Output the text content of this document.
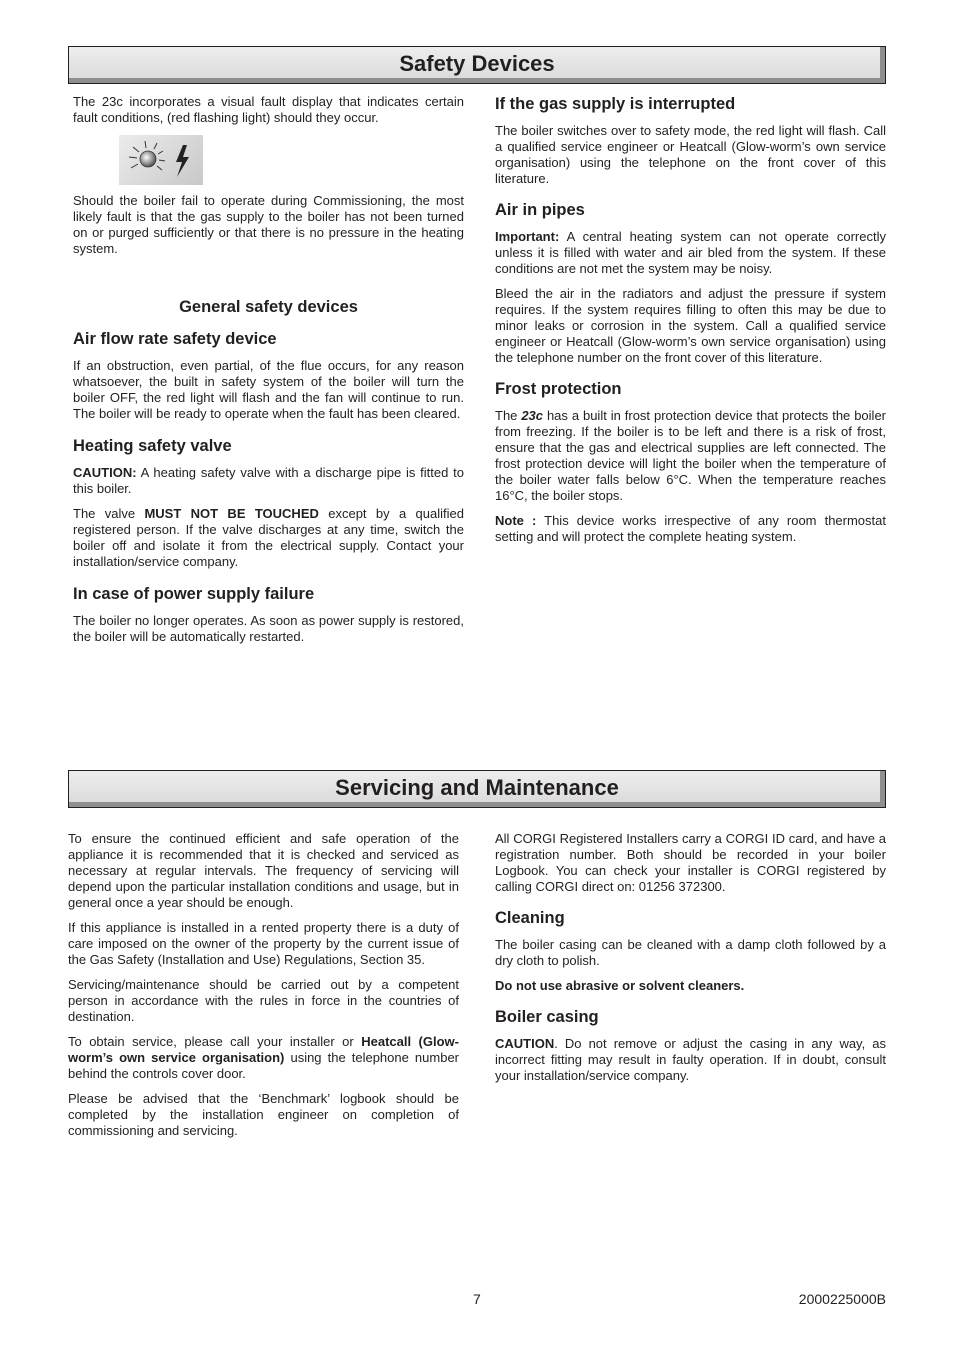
Safety Devices

The 23c incorporates a visual fault display that indicates certain fault conditions, (red flashing light) should they occur.

Should the boiler fail to operate during Commissioning, the most likely fault is that the gas supply to the boiler has not been turned on or purged sufficiently or that there is no pressure in the heating system.

General safety devices
Air flow rate safety device

If an obstruction, even partial, of the flue occurs, for any reason whatsoever, the built in safety system of the boiler will turn the boiler OFF, the red light will flash and the fan will continue to run. The boiler will be ready to operate when the fault has been cleared.

Heating safety valve

CAUTION: A heating safety valve with a discharge pipe is fitted to this boiler.

The valve MUST NOT BE TOUCHED except by a qualified registered person. If the valve discharges at any time, switch the boiler off and isolate it from the electrical supply. Contact your installation/service company.

In case of power supply failure

The boiler no longer operates. As soon as power supply is restored, the boiler will be automatically restarted.

If the gas supply is interrupted

The boiler switches over to safety mode, the red light will flash. Call a qualified service engineer or Heatcall (Glow-worm’s own service organisation) using the telephone on the front cover of this literature.

Air in pipes

Important: A central heating system can not operate correctly unless it is filled with water and air bled from the system. If these conditions are not met the system may be noisy.

Bleed the air in the radiators and adjust the pressure if system requires. If the system requires filling to often this may be due to minor leaks or corrosion in the system. Call a qualified service engineer or Heatcall (Glow-worm’s own service organisation) using the telephone number on the front cover of this literature.

Frost protection

The 23c has a built in frost protection device that protects the boiler from freezing. If the boiler is to be left and there is a risk of frost, ensure that the gas and electrical supplies are left connected. The frost protection device will light the boiler when the temperature of the boiler water falls below 6°C. When the temperature reaches 16°C, the boiler stops.

Note : This device works irrespective of any room thermostat setting and will protect the complete heating system.

Servicing and Maintenance

To ensure the continued efficient and safe operation of the appliance it is recommended that it is checked and serviced as necessary at regular intervals. The frequency of servicing will depend upon the particular installation conditions and usage, but in general once a year should be enough.

If this appliance is installed in a rented property there is a duty of care imposed on the owner of the property by the current issue of the Gas Safety (Installation and Use) Regulations, Section 35.

Servicing/maintenance should be carried out by a competent person in accordance with the rules in force in the countries of destination.

To obtain service, please call your installer or Heatcall (Glow-worm’s own service organisation) using the telephone number behind the controls cover door.

Please be advised that the ‘Benchmark’ logbook should be completed by the installation engineer on completion of commissioning and servicing.

All CORGI Registered Installers carry a CORGI ID card, and have a registration number. Both should be recorded in your boiler Logbook. You can check your installer is CORGI registered by calling CORGI direct on: 01256 372300.

Cleaning

The boiler casing can be cleaned with a damp cloth followed by a dry cloth to polish.

Do not use abrasive or solvent cleaners.

Boiler casing

CAUTION. Do not remove or adjust the casing in any way, as incorrect fitting may result in faulty operation. If in doubt, consult your installation/service company.

7	2000225000B
